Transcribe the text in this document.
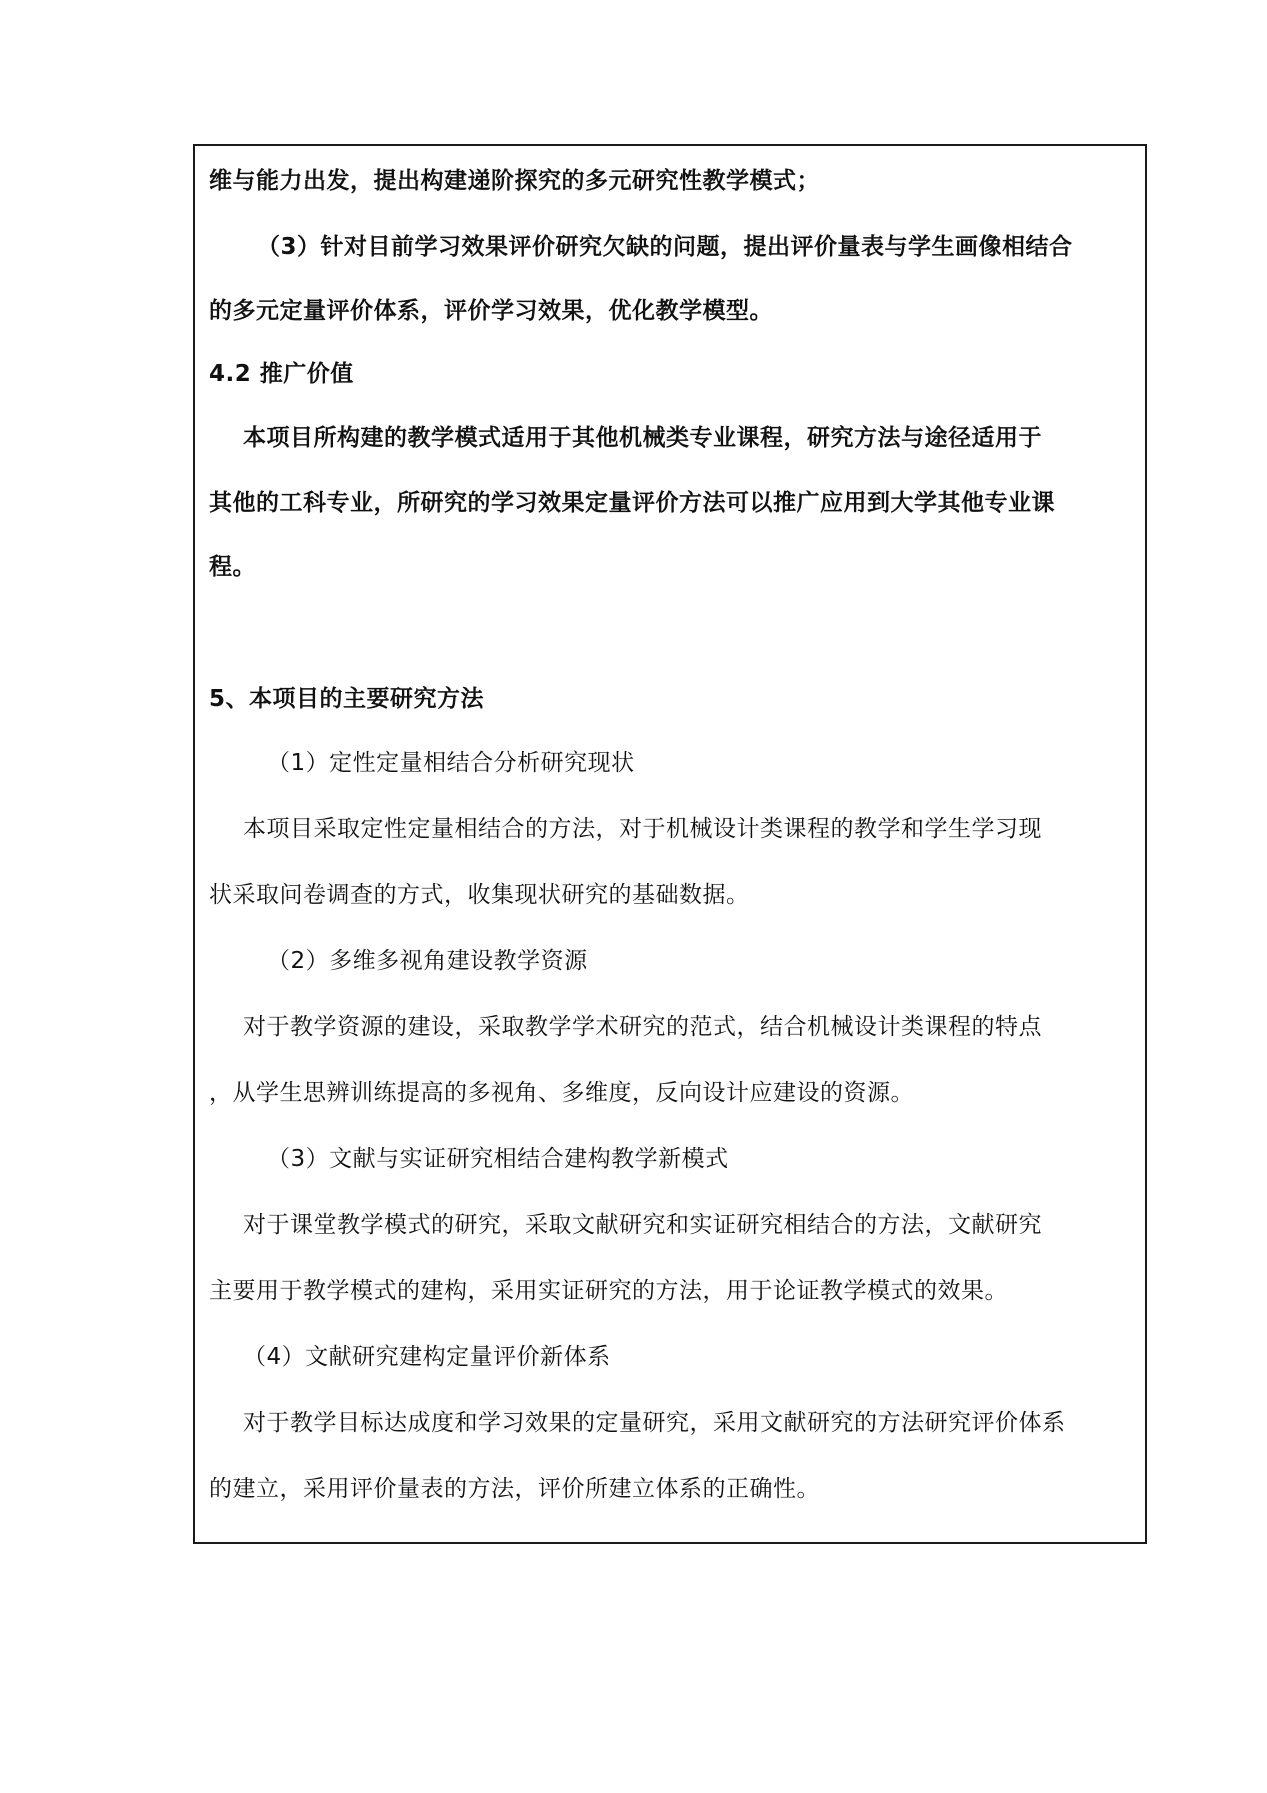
维与能力出发，提出构建递阶探究的多元研究性教学模式；
（3）针对目前学习效果评价研究欠缺的问题，提出评价量表与学生画像相结合
的多元定量评价体系，评价学习效果，优化教学模型。
4.2 推广价值
本项目所构建的教学模式适用于其他机械类专业课程，研究方法与途径适用于
其他的工科专业，所研究的学习效果定量评价方法可以推广应用到大学其他专业课
程。
5、本项目的主要研究方法
（1）定性定量相结合分析研究现状
本项目采取定性定量相结合的方法，对于机械设计类课程的教学和学生学习现
状采取问卷调查的方式，收集现状研究的基础数据。
（2）多维多视角建设教学资源
对于教学资源的建设，采取教学学术研究的范式，结合机械设计类课程的特点
，从学生思辨训练提高的多视角、多维度，反向设计应建设的资源。
（3）文献与实证研究相结合建构教学新模式
对于课堂教学模式的研究，采取文献研究和实证研究相结合的方法，文献研究
主要用于教学模式的建构，采用实证研究的方法，用于论证教学模式的效果。
（4）文献研究建构定量评价新体系
对于教学目标达成度和学习效果的定量研究，采用文献研究的方法研究评价体系
的建立，采用评价量表的方法，评价所建立体系的正确性。
